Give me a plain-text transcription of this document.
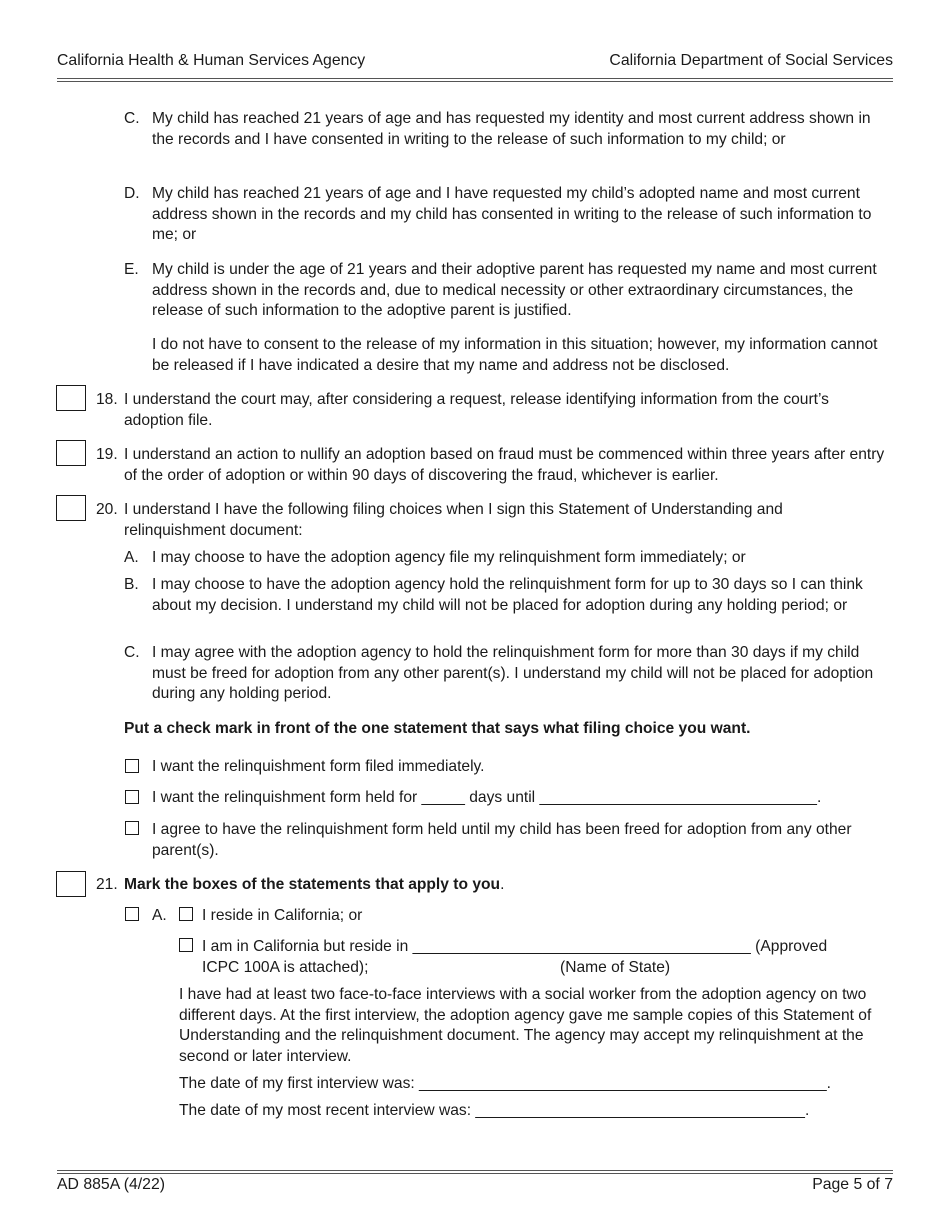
California Health & Human Services Agency	California Department of Social Services
C. My child has reached 21 years of age and has requested my identity and most current address shown in the records and I have consented in writing to the release of such information to my child; or
D. My child has reached 21 years of age and I have requested my child’s adopted name and most current address shown in the records and my child has consented in writing to the release of such information to me; or
E. My child is under the age of 21 years and their adoptive parent has requested my name and most current address shown in the records and, due to medical necessity or other extraordinary circumstances, the release of such information to the adoptive parent is justified.
I do not have to consent to the release of my information in this situation; however, my information cannot be released if I have indicated a desire that my name and address not be disclosed.
18. I understand the court may, after considering a request, release identifying information from the court’s adoption file.
19. I understand an action to nullify an adoption based on fraud must be commenced within three years after entry of the order of adoption or within 90 days of discovering the fraud, whichever is earlier.
20. I understand I have the following filing choices when I sign this Statement of Understanding and relinquishment document:
A. I may choose to have the adoption agency file my relinquishment form immediately; or
B. I may choose to have the adoption agency hold the relinquishment form for up to 30 days so I can think about my decision. I understand my child will not be placed for adoption during any holding period; or
C. I may agree with the adoption agency to hold the relinquishment form for more than 30 days if my child must be freed for adoption from any other parent(s). I understand my child will not be placed for adoption during any holding period.
Put a check mark in front of the one statement that says what filing choice you want.
I want the relinquishment form filed immediately.
I want the relinquishment form held for _____ days until ________________________________.
I agree to have the relinquishment form held until my child has been freed for adoption from any other parent(s).
21. Mark the boxes of the statements that apply to you.
A. I reside in California; or
I am in California but reside in _______________________________________ (Approved
ICPC 100A is attached);	(Name of State)
I have had at least two face-to-face interviews with a social worker from the adoption agency on two different days. At the first interview, the adoption agency gave me sample copies of this Statement of Understanding and the relinquishment document. The agency may accept my relinquishment at the second or later interview.
The date of my first interview was: _______________________________________________.
The date of my most recent interview was: ______________________________________.
AD 885A (4/22)	Page 5 of 7
